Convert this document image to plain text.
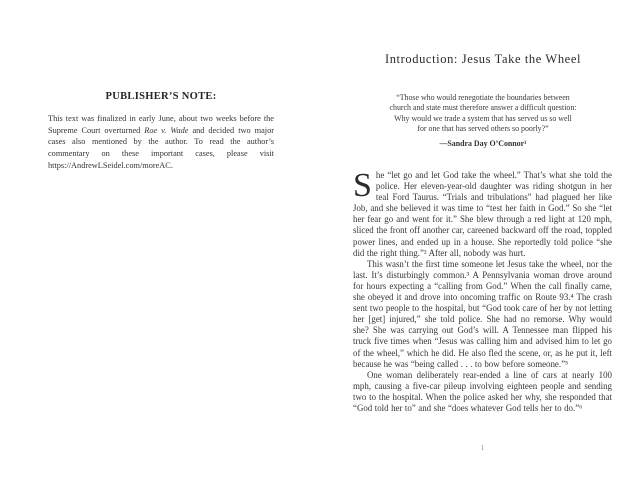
PUBLISHER’S NOTE:

This text was finalized in early June, about two weeks before the Supreme Court overturned Roe v. Wade and decided two major cases also mentioned by the author. To read the author’s commentary on these important cases, please visit https://AndrewLSeidel.com/moreAC.

Introduction: Jesus Take the Wheel
“Those who would renegotiate the boundaries between
church and state must therefore answer a difficult question:
Why would we trade a system that has served us so well
for one that has served others so poorly?”
—Sandra Day O’Connor¹

She “let go and let God take the wheel.” That’s what she told the police. Her eleven-year-old daughter was riding shotgun in her teal Ford Taurus. “Trials and tribulations” had plagued her like Job, and she believed it was time to “test her faith in God.” So she “let her fear go and went for it.” She blew through a red light at 120 mph, sliced the front off another car, careened backward off the road, toppled power lines, and ended up in a house. She reportedly told police “she did the right thing.”² After all, nobody was hurt.

This wasn’t the first time someone let Jesus take the wheel, nor the last. It’s disturbingly common.³ A Pennsylvania woman drove around for hours expecting a “calling from God.” When the call finally came, she obeyed it and drove into oncoming traffic on Route 93.⁴ The crash sent two people to the hospital, but “God took care of her by not letting her [get] injured,” she told police. She had no remorse. Why would she? She was carrying out God’s will. A Tennessee man flipped his truck five times when “Jesus was calling him and advised him to let go of the wheel,” which he did. He also fled the scene, or, as he put it, left because he was “being called . . . to bow before someone.”⁵

One woman deliberately rear-ended a line of cars at nearly 100 mph, causing a five-car pileup involving eighteen people and sending two to the hospital. When the police asked her why, she responded that “God told her to” and she “does whatever God tells her to do.”⁶

1
